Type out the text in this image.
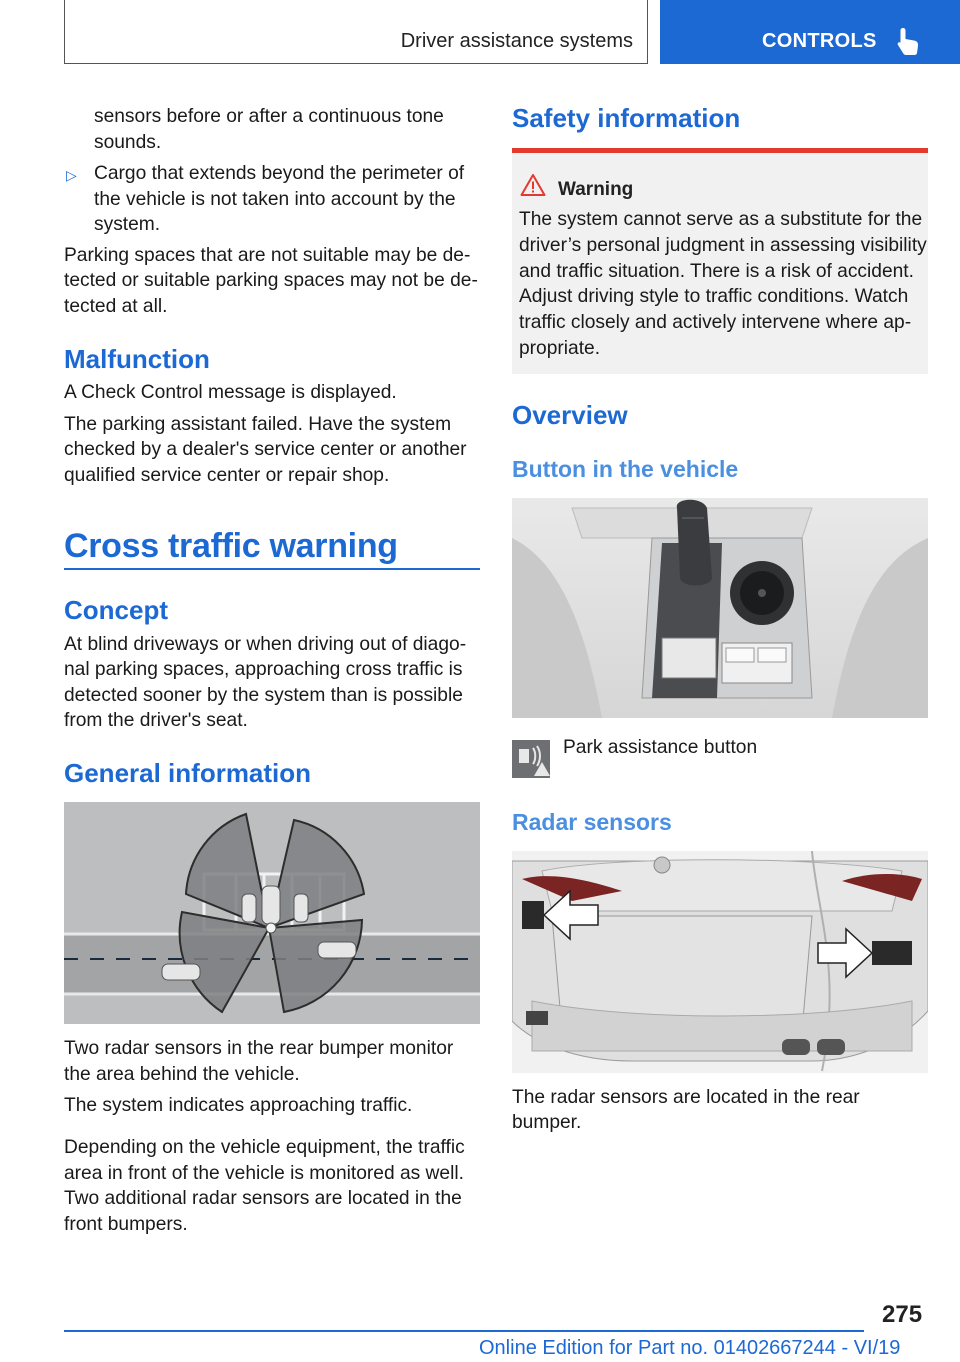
Driver assistance systems	CONTROLS
sensors before or after a continuous tone
sounds.
▷ Cargo that extends beyond the perimeter of
the vehicle is not taken into account by the
system.
Parking spaces that are not suitable may be de-
tected or suitable parking spaces may not be de-
tected at all.
Malfunction
A Check Control message is displayed.
The parking assistant failed. Have the system
checked by a dealer's service center or another
qualified service center or repair shop.
Cross traffic warning
Concept
At blind driveways or when driving out of diago-
nal parking spaces, approaching cross traffic is
detected sooner by the system than is possible
from the driver's seat.
General information
Two radar sensors in the rear bumper monitor
the area behind the vehicle.
The system indicates approaching traffic.
Depending on the vehicle equipment, the traffic
area in front of the vehicle is monitored as well.
Two additional radar sensors are located in the
front bumpers.
Safety information
Warning
The system cannot serve as a substitute for the
driver’s personal judgment in assessing visibility
and traffic situation. There is a risk of accident.
Adjust driving style to traffic conditions. Watch
traffic closely and actively intervene where ap-
propriate.
Overview
Button in the vehicle
Park assistance button
Radar sensors
The radar sensors are located in the rear
bumper.
275
Online Edition for Part no. 01402667244 - VI/19
